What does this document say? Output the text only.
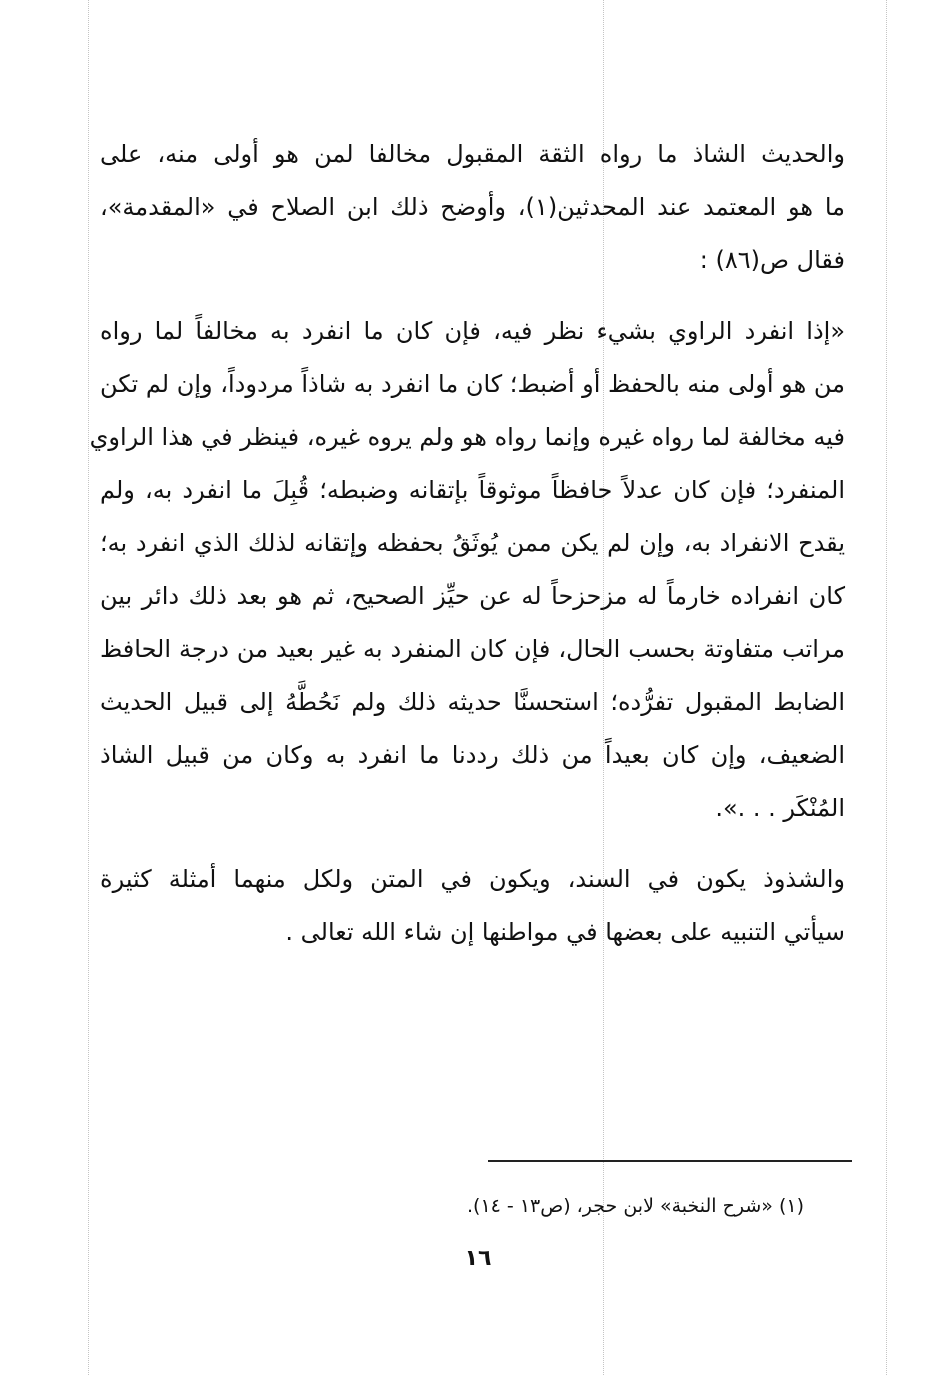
والحديث الشاذ ما رواه الثقة المقبول مخالفا لمن هو أولى منه، على
ما هو المعتمد عند المحدثين(١)، وأوضح ذلك ابن الصلاح في «المقدمة»،
فقال ص(٨٦) :

«إذا انفرد الراوي بشيء نظر فيه، فإن كان ما انفرد به مخالفاً لما رواه
من هو أولى منه بالحفظ أو أضبط؛ كان ما انفرد به شاذاً مردوداً، وإن لم تكن
فيه مخالفة لما رواه غيره وإنما رواه هو ولم يروه غيره، فينظر في هذا الراوي
المنفرد؛ فإن كان عدلاً حافظاً موثوقاً بإتقانه وضبطه؛ قُبِلَ ما انفرد به، ولم
يقدح الانفراد به، وإن لم يكن ممن يُوثَقُ بحفظه وإتقانه لذلك الذي انفرد به؛
كان انفراده خارماً له مزحزحاً له عن حيِّز الصحيح، ثم هو بعد ذلك دائر بين
مراتب متفاوتة بحسب الحال، فإن كان المنفرد به غير بعيد من درجة الحافظ
الضابط المقبول تفرُّده؛ استحسنَّا حديثه ذلك ولم نَحُطَّهُ إلى قبيل الحديث
الضعيف، وإن كان بعيداً من ذلك رددنا ما انفرد به وكان من قبيل الشاذ
المُنْكَر . . .».

والشذوذ يكون في السند، ويكون في المتن ولكل منهما أمثلة كثيرة
سيأتي التنبيه على بعضها في مواطنها إن شاء الله تعالى .

(١) «شرح النخبة» لابن حجر، (ص١٣ - ١٤).
١٦
